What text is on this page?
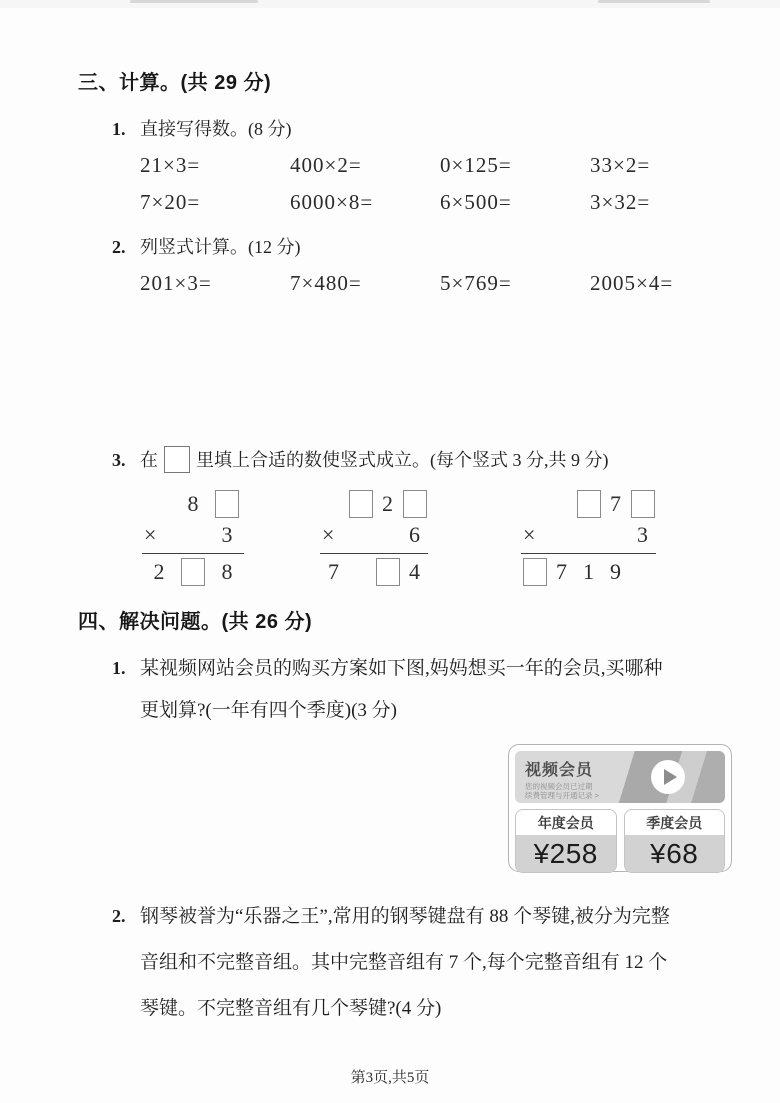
三、计算。(共 29 分)
1. 直接写得数。(8 分)
21×3=	400×2=	0×125=	33×2=
7×20=	6000×8=	6×500=	3×32=
2. 列竖式计算。(12 分)
201×3=	7×480=	5×769=	2005×4=
3. 在 里填上合适的数使竖式成立。(每个竖式 3 分,共 9 分)
8
×	3
2	8
2
×	6
7	4
7
×	3
7 1 9
四、解决问题。(共 26 分)
1. 某视频网站会员的购买方案如下图,妈妈想买一年的会员,买哪种
更划算?(一年有四个季度)(3 分)
视频会员
您的视频会员已过期
续费管理与开通记录 >
年度会员
¥258
季度会员
¥68
2. 钢琴被誉为“乐器之王”,常用的钢琴键盘有 88 个琴键,被分为完整
音组和不完整音组。其中完整音组有 7 个,每个完整音组有 12 个
琴键。不完整音组有几个琴键?(4 分)
第3页,共5页
